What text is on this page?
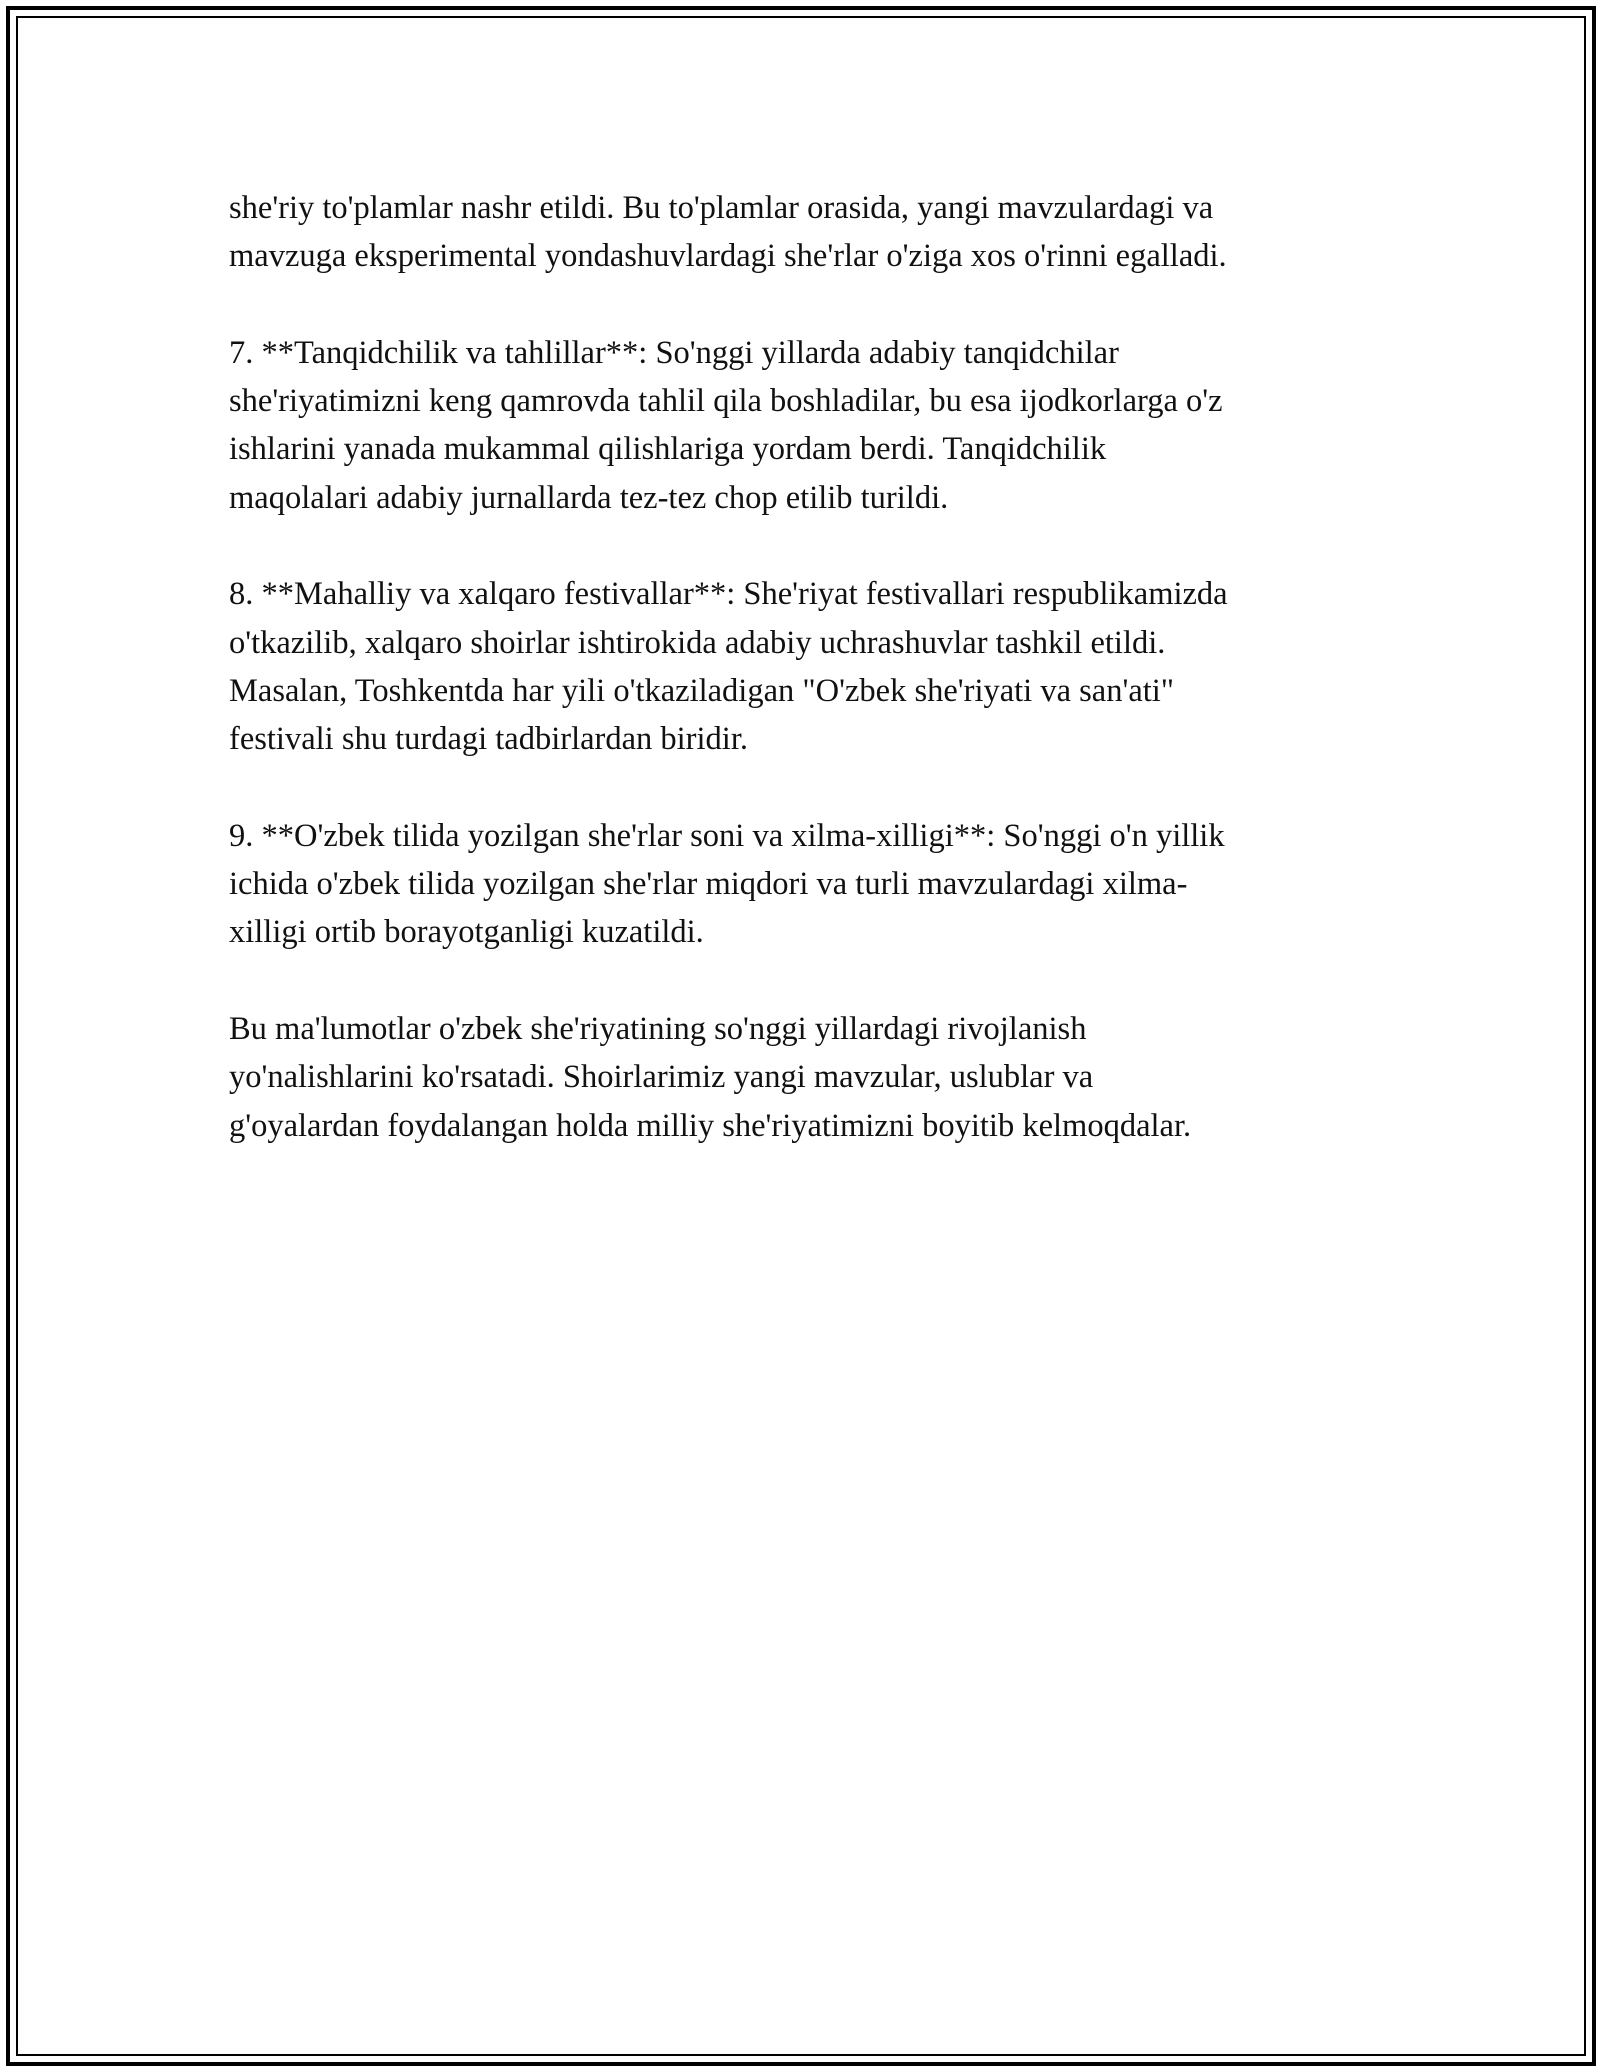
she'riy to'plamlar nashr etildi. Bu to'plamlar orasida, yangi mavzulardagi va
mavzuga eksperimental yondashuvlardagi she'rlar o'ziga xos o'rinni egalladi.

7. **Tanqidchilik va tahlillar**: So'nggi yillarda adabiy tanqidchilar
she'riyatimizni keng qamrovda tahlil qila boshladilar, bu esa ijodkorlarga o'z
ishlarini yanada mukammal qilishlariga yordam berdi. Tanqidchilik
maqolalari adabiy jurnallarda tez-tez chop etilib turildi.

8. **Mahalliy va xalqaro festivallar**: She'riyat festivallari respublikamizda
o'tkazilib, xalqaro shoirlar ishtirokida adabiy uchrashuvlar tashkil etildi.
Masalan, Toshkentda har yili o'tkaziladigan "O'zbek she'riyati va san'ati"
festivali shu turdagi tadbirlardan biridir.

9. **O'zbek tilida yozilgan she'rlar soni va xilma-xilligi**: So'nggi o'n yillik
ichida o'zbek tilida yozilgan she'rlar miqdori va turli mavzulardagi xilma-
xilligi ortib borayotganligi kuzatildi.

Bu ma'lumotlar o'zbek she'riyatining so'nggi yillardagi rivojlanish
yo'nalishlarini ko'rsatadi. Shoirlarimiz yangi mavzular, uslublar va
g'oyalardan foydalangan holda milliy she'riyatimizni boyitib kelmoqdalar.
